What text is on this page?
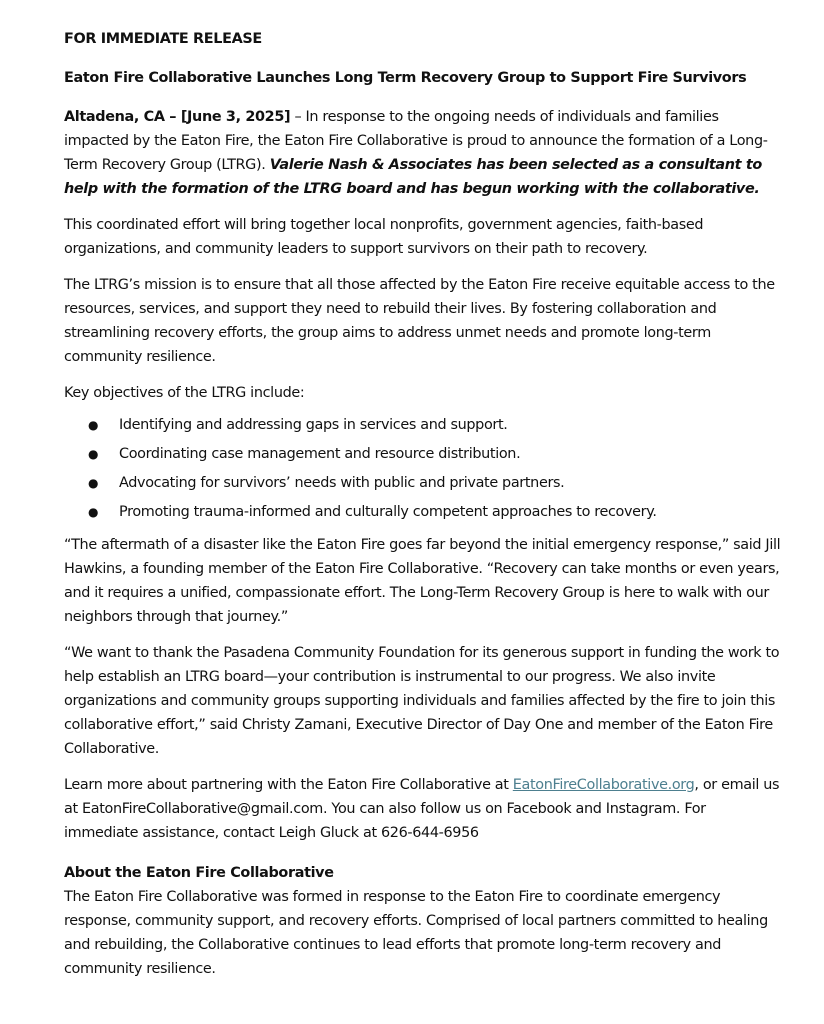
FOR IMMEDIATE RELEASE

Eaton Fire Collaborative Launches Long Term Recovery Group to Support Fire Survivors

Altadena, CA – [June 3, 2025] – In response to the ongoing needs of individuals and families impacted by the Eaton Fire, the Eaton Fire Collaborative is proud to announce the formation of a Long-Term Recovery Group (LTRG). Valerie Nash & Associates has been selected as a consultant to help with the formation of the LTRG board and has begun working with the collaborative.

This coordinated effort will bring together local nonprofits, government agencies, faith-based organizations, and community leaders to support survivors on their path to recovery.

The LTRG’s mission is to ensure that all those affected by the Eaton Fire receive equitable access to the resources, services, and support they need to rebuild their lives. By fostering collaboration and streamlining recovery efforts, the group aims to address unmet needs and promote long-term community resilience.

Key objectives of the LTRG include:

● Identifying and addressing gaps in services and support.
● Coordinating case management and resource distribution.
● Advocating for survivors’ needs with public and private partners.
● Promoting trauma-informed and culturally competent approaches to recovery.

“The aftermath of a disaster like the Eaton Fire goes far beyond the initial emergency response,” said Jill Hawkins, a founding member of the Eaton Fire Collaborative. “Recovery can take months or even years, and it requires a unified, compassionate effort. The Long-Term Recovery Group is here to walk with our neighbors through that journey.”

“We want to thank the Pasadena Community Foundation for its generous support in funding the work to help establish an LTRG board—your contribution is instrumental to our progress. We also invite organizations and community groups supporting individuals and families affected by the fire to join this collaborative effort,” said Christy Zamani, Executive Director of Day One and member of the Eaton Fire Collaborative.

Learn more about partnering with the Eaton Fire Collaborative at EatonFireCollaborative.org, or email us at EatonFireCollaborative@gmail.com. You can also follow us on Facebook and Instagram. For immediate assistance, contact Leigh Gluck at 626-644-6956

About the Eaton Fire Collaborative

The Eaton Fire Collaborative was formed in response to the Eaton Fire to coordinate emergency response, community support, and recovery efforts. Comprised of local partners committed to healing and rebuilding, the Collaborative continues to lead efforts that promote long-term recovery and community resilience.
